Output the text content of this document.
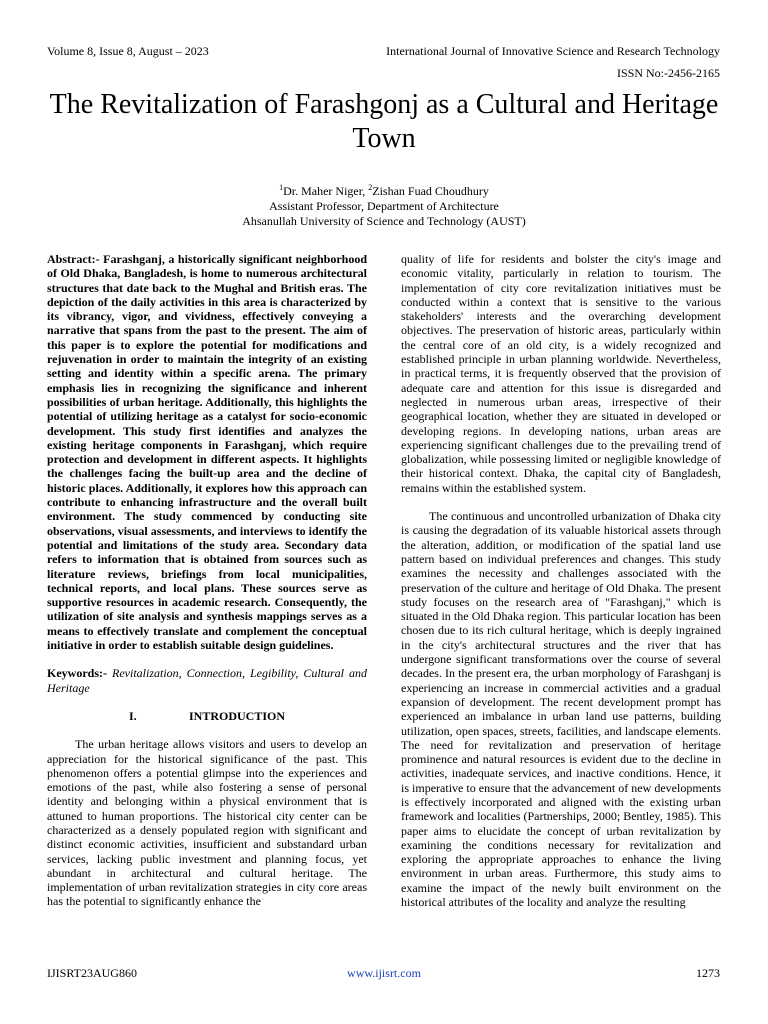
Volume 8, Issue 8, August – 2023	International Journal of Innovative Science and Research Technology
ISSN No:-2456-2165
The Revitalization of Farashgonj as a Cultural and Heritage Town
$^1$Dr. Maher Niger, $^2$Zishan Fuad Choudhury
Assistant Professor, Department of Architecture
Ahsanullah University of Science and Technology (AUST)

Abstract:- Farashganj, a historically significant neighborhood of Old Dhaka, Bangladesh, is home to numerous architectural structures that date back to the Mughal and British eras. The depiction of the daily activities in this area is characterized by its vibrancy, vigor, and vividness, effectively conveying a narrative that spans from the past to the present. The aim of this paper is to explore the potential for modifications and rejuvenation in order to maintain the integrity of an existing setting and identity within a specific arena. The primary emphasis lies in recognizing the significance and inherent possibilities of urban heritage. Additionally, this highlights the potential of utilizing heritage as a catalyst for socio-economic development. This study first identifies and analyzes the existing heritage components in Farashganj, which require protection and development in different aspects. It highlights the challenges facing the built-up area and the decline of historic places. Additionally, it explores how this approach can contribute to enhancing infrastructure and the overall built environment. The study commenced by conducting site observations, visual assessments, and interviews to identify the potential and limitations of the study area. Secondary data refers to information that is obtained from sources such as literature reviews, briefings from local municipalities, technical reports, and local plans. These sources serve as supportive resources in academic research. Consequently, the utilization of site analysis and synthesis mappings serves as a means to effectively translate and complement the conceptual initiative in order to establish suitable design guidelines.

Keywords:- Revitalization, Connection, Legibility, Cultural and Heritage

I.	INTRODUCTION

The urban heritage allows visitors and users to develop an appreciation for the historical significance of the past. This phenomenon offers a potential glimpse into the experiences and emotions of the past, while also fostering a sense of personal identity and belonging within a physical environment that is attuned to human proportions. The historical city center can be characterized as a densely populated region with significant and distinct economic activities, insufficient and substandard urban services, lacking public investment and planning focus, yet abundant in architectural and cultural heritage. The implementation of urban revitalization strategies in city core areas has the potential to significantly enhance the

quality of life for residents and bolster the city's image and economic vitality, particularly in relation to tourism. The implementation of city core revitalization initiatives must be conducted within a context that is sensitive to the various stakeholders' interests and the overarching development objectives. The preservation of historic areas, particularly within the central core of an old city, is a widely recognized and established principle in urban planning worldwide. Nevertheless, in practical terms, it is frequently observed that the provision of adequate care and attention for this issue is disregarded and neglected in numerous urban areas, irrespective of their geographical location, whether they are situated in developed or developing regions. In developing nations, urban areas are experiencing significant challenges due to the prevailing trend of globalization, while possessing limited or negligible knowledge of their historical context. Dhaka, the capital city of Bangladesh, remains within the established system.

The continuous and uncontrolled urbanization of Dhaka city is causing the degradation of its valuable historical assets through the alteration, addition, or modification of the spatial land use pattern based on individual preferences and changes. This study examines the necessity and challenges associated with the preservation of the culture and heritage of Old Dhaka. The present study focuses on the research area of "Farashganj," which is situated in the Old Dhaka region. This particular location has been chosen due to its rich cultural heritage, which is deeply ingrained in the city's architectural structures and the river that has undergone significant transformations over the course of several decades. In the present era, the urban morphology of Farashganj is experiencing an increase in commercial activities and a gradual expansion of development. The recent development prompt has experienced an imbalance in urban land use patterns, building utilization, open spaces, streets, facilities, and landscape elements. The need for revitalization and preservation of heritage prominence and natural resources is evident due to the decline in activities, inadequate services, and inactive conditions. Hence, it is imperative to ensure that the advancement of new developments is effectively incorporated and aligned with the existing urban framework and localities (Partnerships, 2000; Bentley, 1985). This paper aims to elucidate the concept of urban revitalization by examining the conditions necessary for revitalization and exploring the appropriate approaches to enhance the living environment in urban areas. Furthermore, this study aims to examine the impact of the newly built environment on the historical attributes of the locality and analyze the resulting

IJISRT23AUG860	www.ijisrt.com	1273
